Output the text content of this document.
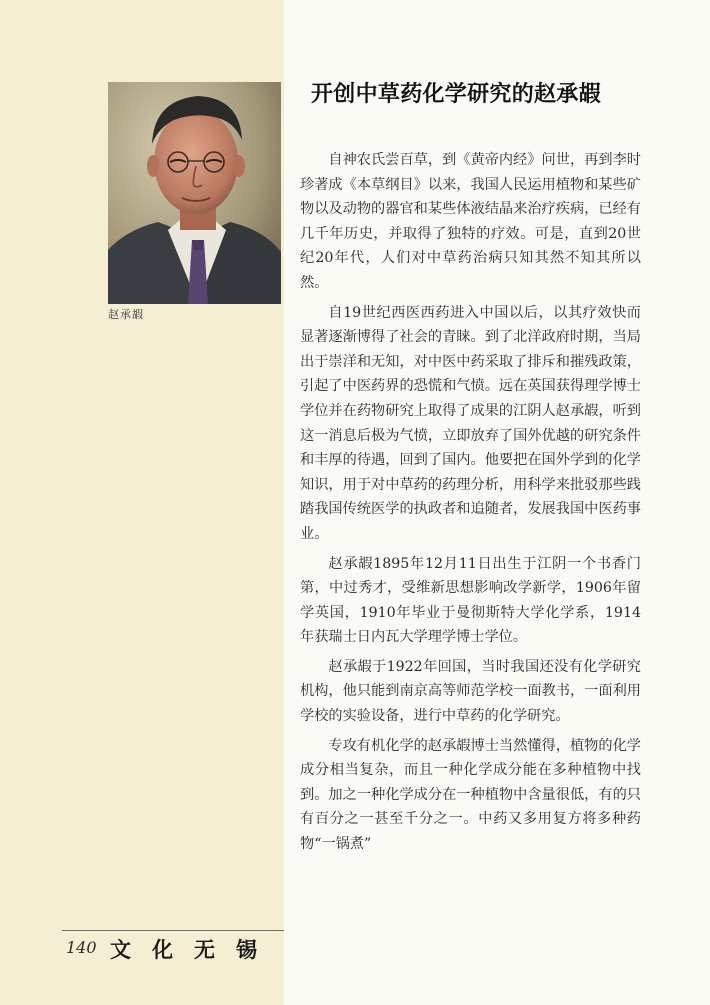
赵承嘏
开创中草药化学研究的赵承嘏

自神农氏尝百草，到《黄帝内经》问世，再到李时珍著成《本草纲目》以来，我国人民运用植物和某些矿物以及动物的器官和某些体液结晶来治疗疾病，已经有几千年历史，并取得了独特的疗效。可是，直到20世纪20年代，人们对中草药治病只知其然不知其所以然。

自19世纪西医西药进入中国以后，以其疗效快而显著逐渐博得了社会的青睐。到了北洋政府时期，当局出于崇洋和无知，对中医中药采取了排斥和摧残政策，引起了中医药界的恐慌和气愤。远在英国获得理学博士学位并在药物研究上取得了成果的江阴人赵承嘏，听到这一消息后极为气愤，立即放弃了国外优越的研究条件和丰厚的待遇，回到了国内。他要把在国外学到的化学知识，用于对中草药的药理分析，用科学来批驳那些践踏我国传统医学的执政者和追随者，发展我国中医药事业。

赵承嘏1895年12月11日出生于江阴一个书香门第，中过秀才，受维新思想影响改学新学，1906年留学英国，1910年毕业于曼彻斯特大学化学系，1914年获瑞士日内瓦大学理学博士学位。

赵承嘏于1922年回国，当时我国还没有化学研究机构，他只能到南京高等师范学校一面教书，一面利用学校的实验设备，进行中草药的化学研究。

专攻有机化学的赵承嘏博士当然懂得，植物的化学成分相当复杂，而且一种化学成分能在多种植物中找到。加之一种化学成分在一种植物中含量很低，有的只有百分之一甚至千分之一。中药又多用复方将多种药物“一锅煮”

140 文化无锡
